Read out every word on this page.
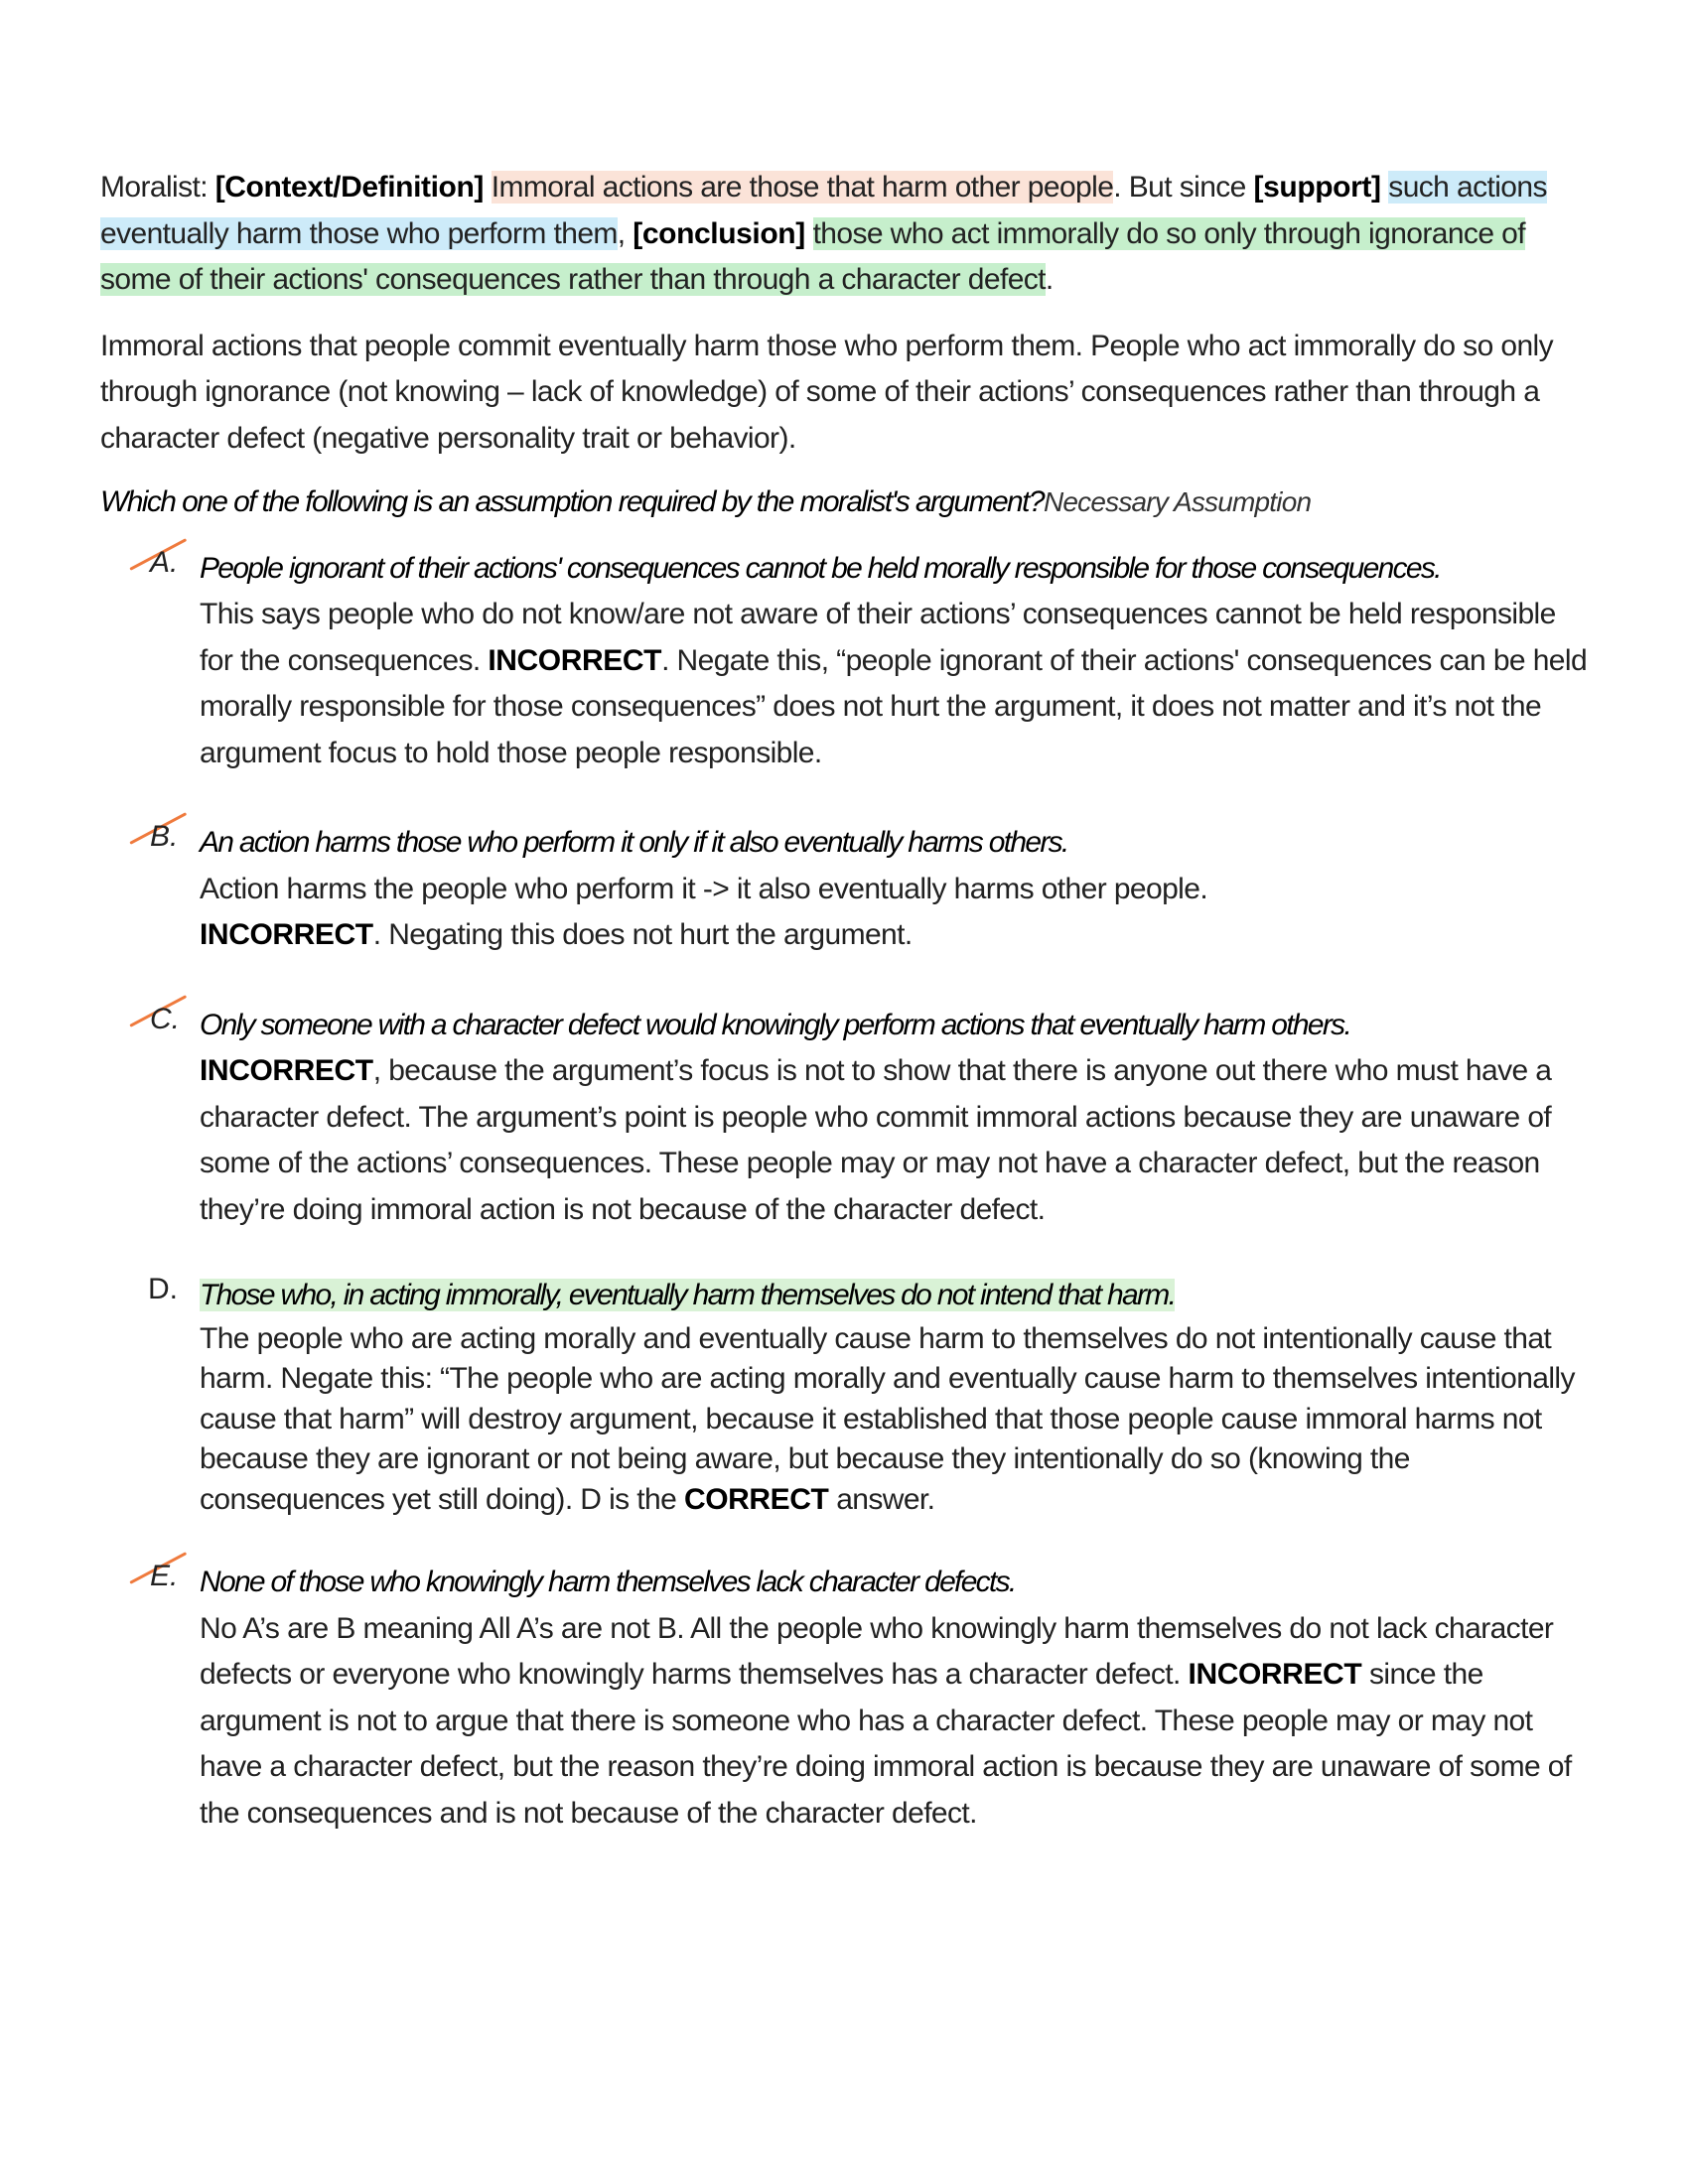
Moralist: [Context/Definition] Immoral actions are those that harm other people. But since [support] such actions eventually harm those who perform them, [conclusion] those who act immorally do so only through ignorance of some of their actions' consequences rather than through a character defect.

Immoral actions that people commit eventually harm those who perform them. People who act immorally do so only through ignorance (not knowing – lack of knowledge) of some of their actions’ consequences rather than through a character defect (negative personality trait or behavior).

Which one of the following is an assumption required by the moralist's argument?Necessary Assumption

A. People ignorant of their actions' consequences cannot be held morally responsible for those consequences.
This says people who do not know/are not aware of their actions’ consequences cannot be held responsible for the consequences. INCORRECT. Negate this, “people ignorant of their actions' consequences can be held morally responsible for those consequences” does not hurt the argument, it does not matter and it’s not the argument focus to hold those people responsible.
B. An action harms those who perform it only if it also eventually harms others.
Action harms the people who perform it -> it also eventually harms other people.
INCORRECT. Negating this does not hurt the argument.
C. Only someone with a character defect would knowingly perform actions that eventually harm others.
INCORRECT, because the argument’s focus is not to show that there is anyone out there who must have a character defect. The argument’s point is people who commit immoral actions because they are unaware of some of the actions’ consequences. These people may or may not have a character defect, but the reason they’re doing immoral action is not because of the character defect.
D. Those who, in acting immorally, eventually harm themselves do not intend that harm.
The people who are acting morally and eventually cause harm to themselves do not intentionally cause that harm. Negate this: “The people who are acting morally and eventually cause harm to themselves intentionally cause that harm” will destroy argument, because it established that those people cause immoral harms not because they are ignorant or not being aware, but because they intentionally do so (knowing the consequences yet still doing). D is the CORRECT answer.
E. None of those who knowingly harm themselves lack character defects.
No A’s are B meaning All A’s are not B. All the people who knowingly harm themselves do not lack character defects or everyone who knowingly harms themselves has a character defect. INCORRECT since the argument is not to argue that there is someone who has a character defect. These people may or may not have a character defect, but the reason they’re doing immoral action is because they are unaware of some of the consequences and is not because of the character defect.
